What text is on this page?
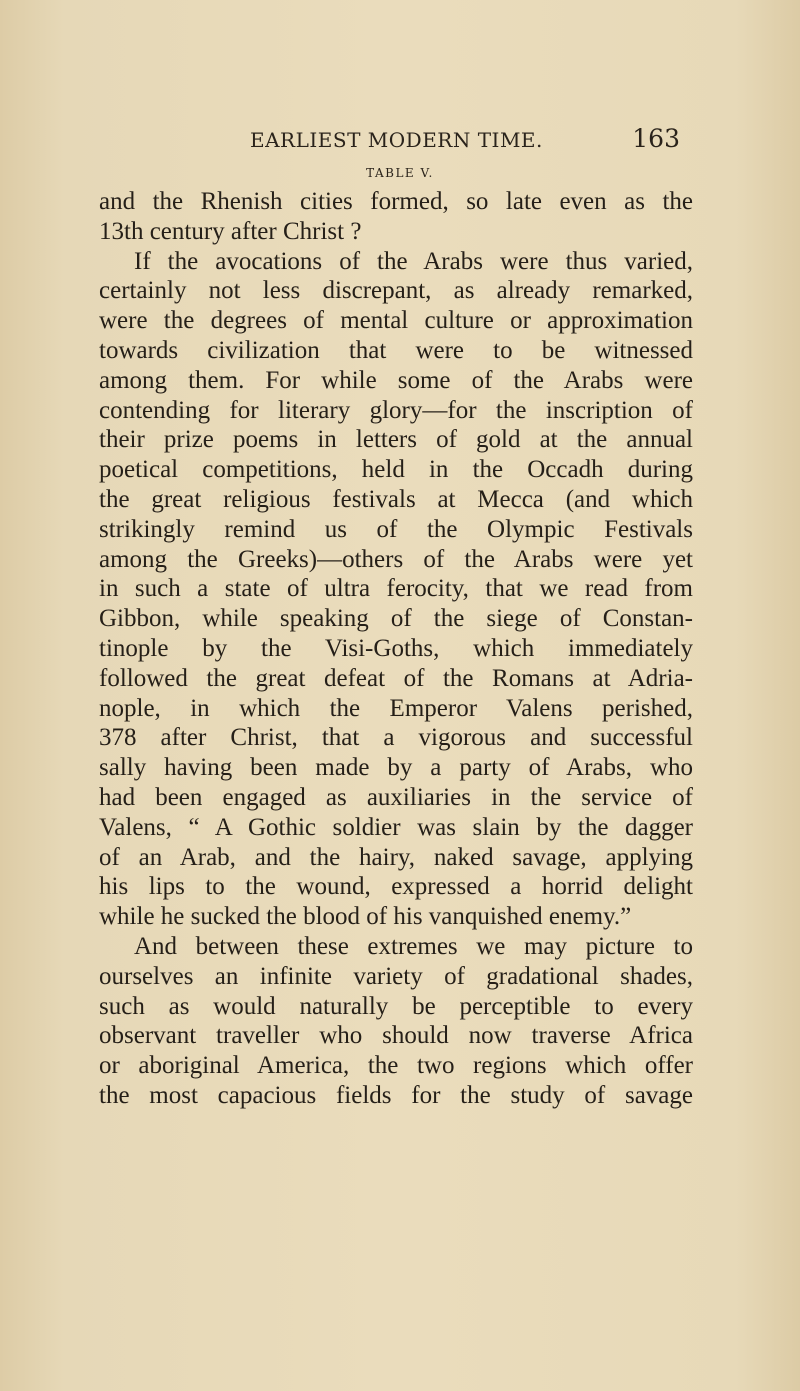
EARLIEST MODERN TIME.	163
TABLE V.
and the Rhenish cities formed, so late even as the
13th century after Christ ?
If the avocations of the Arabs were thus varied,
certainly not less discrepant, as already remarked,
were the degrees of mental culture or approximation
towards civilization that were to be witnessed
among them. For while some of the Arabs were
contending for literary glory—for the inscription of
their prize poems in letters of gold at the annual
poetical competitions, held in the Occadh during
the great religious festivals at Mecca (and which
strikingly remind us of the Olympic Festivals
among the Greeks)—others of the Arabs were yet
in such a state of ultra ferocity, that we read from
Gibbon, while speaking of the siege of Constan-
tinople by the Visi-Goths, which immediately
followed the great defeat of the Romans at Adria-
nople, in which the Emperor Valens perished,
378 after Christ, that a vigorous and successful
sally having been made by a party of Arabs, who
had been engaged as auxiliaries in the service of
Valens, “ A Gothic soldier was slain by the dagger
of an Arab, and the hairy, naked savage, applying
his lips to the wound, expressed a horrid delight
while he sucked the blood of his vanquished enemy.”
And between these extremes we may picture to
ourselves an infinite variety of gradational shades,
such as would naturally be perceptible to every
observant traveller who should now traverse Africa
or aboriginal America, the two regions which offer
the most capacious fields for the study of savage
